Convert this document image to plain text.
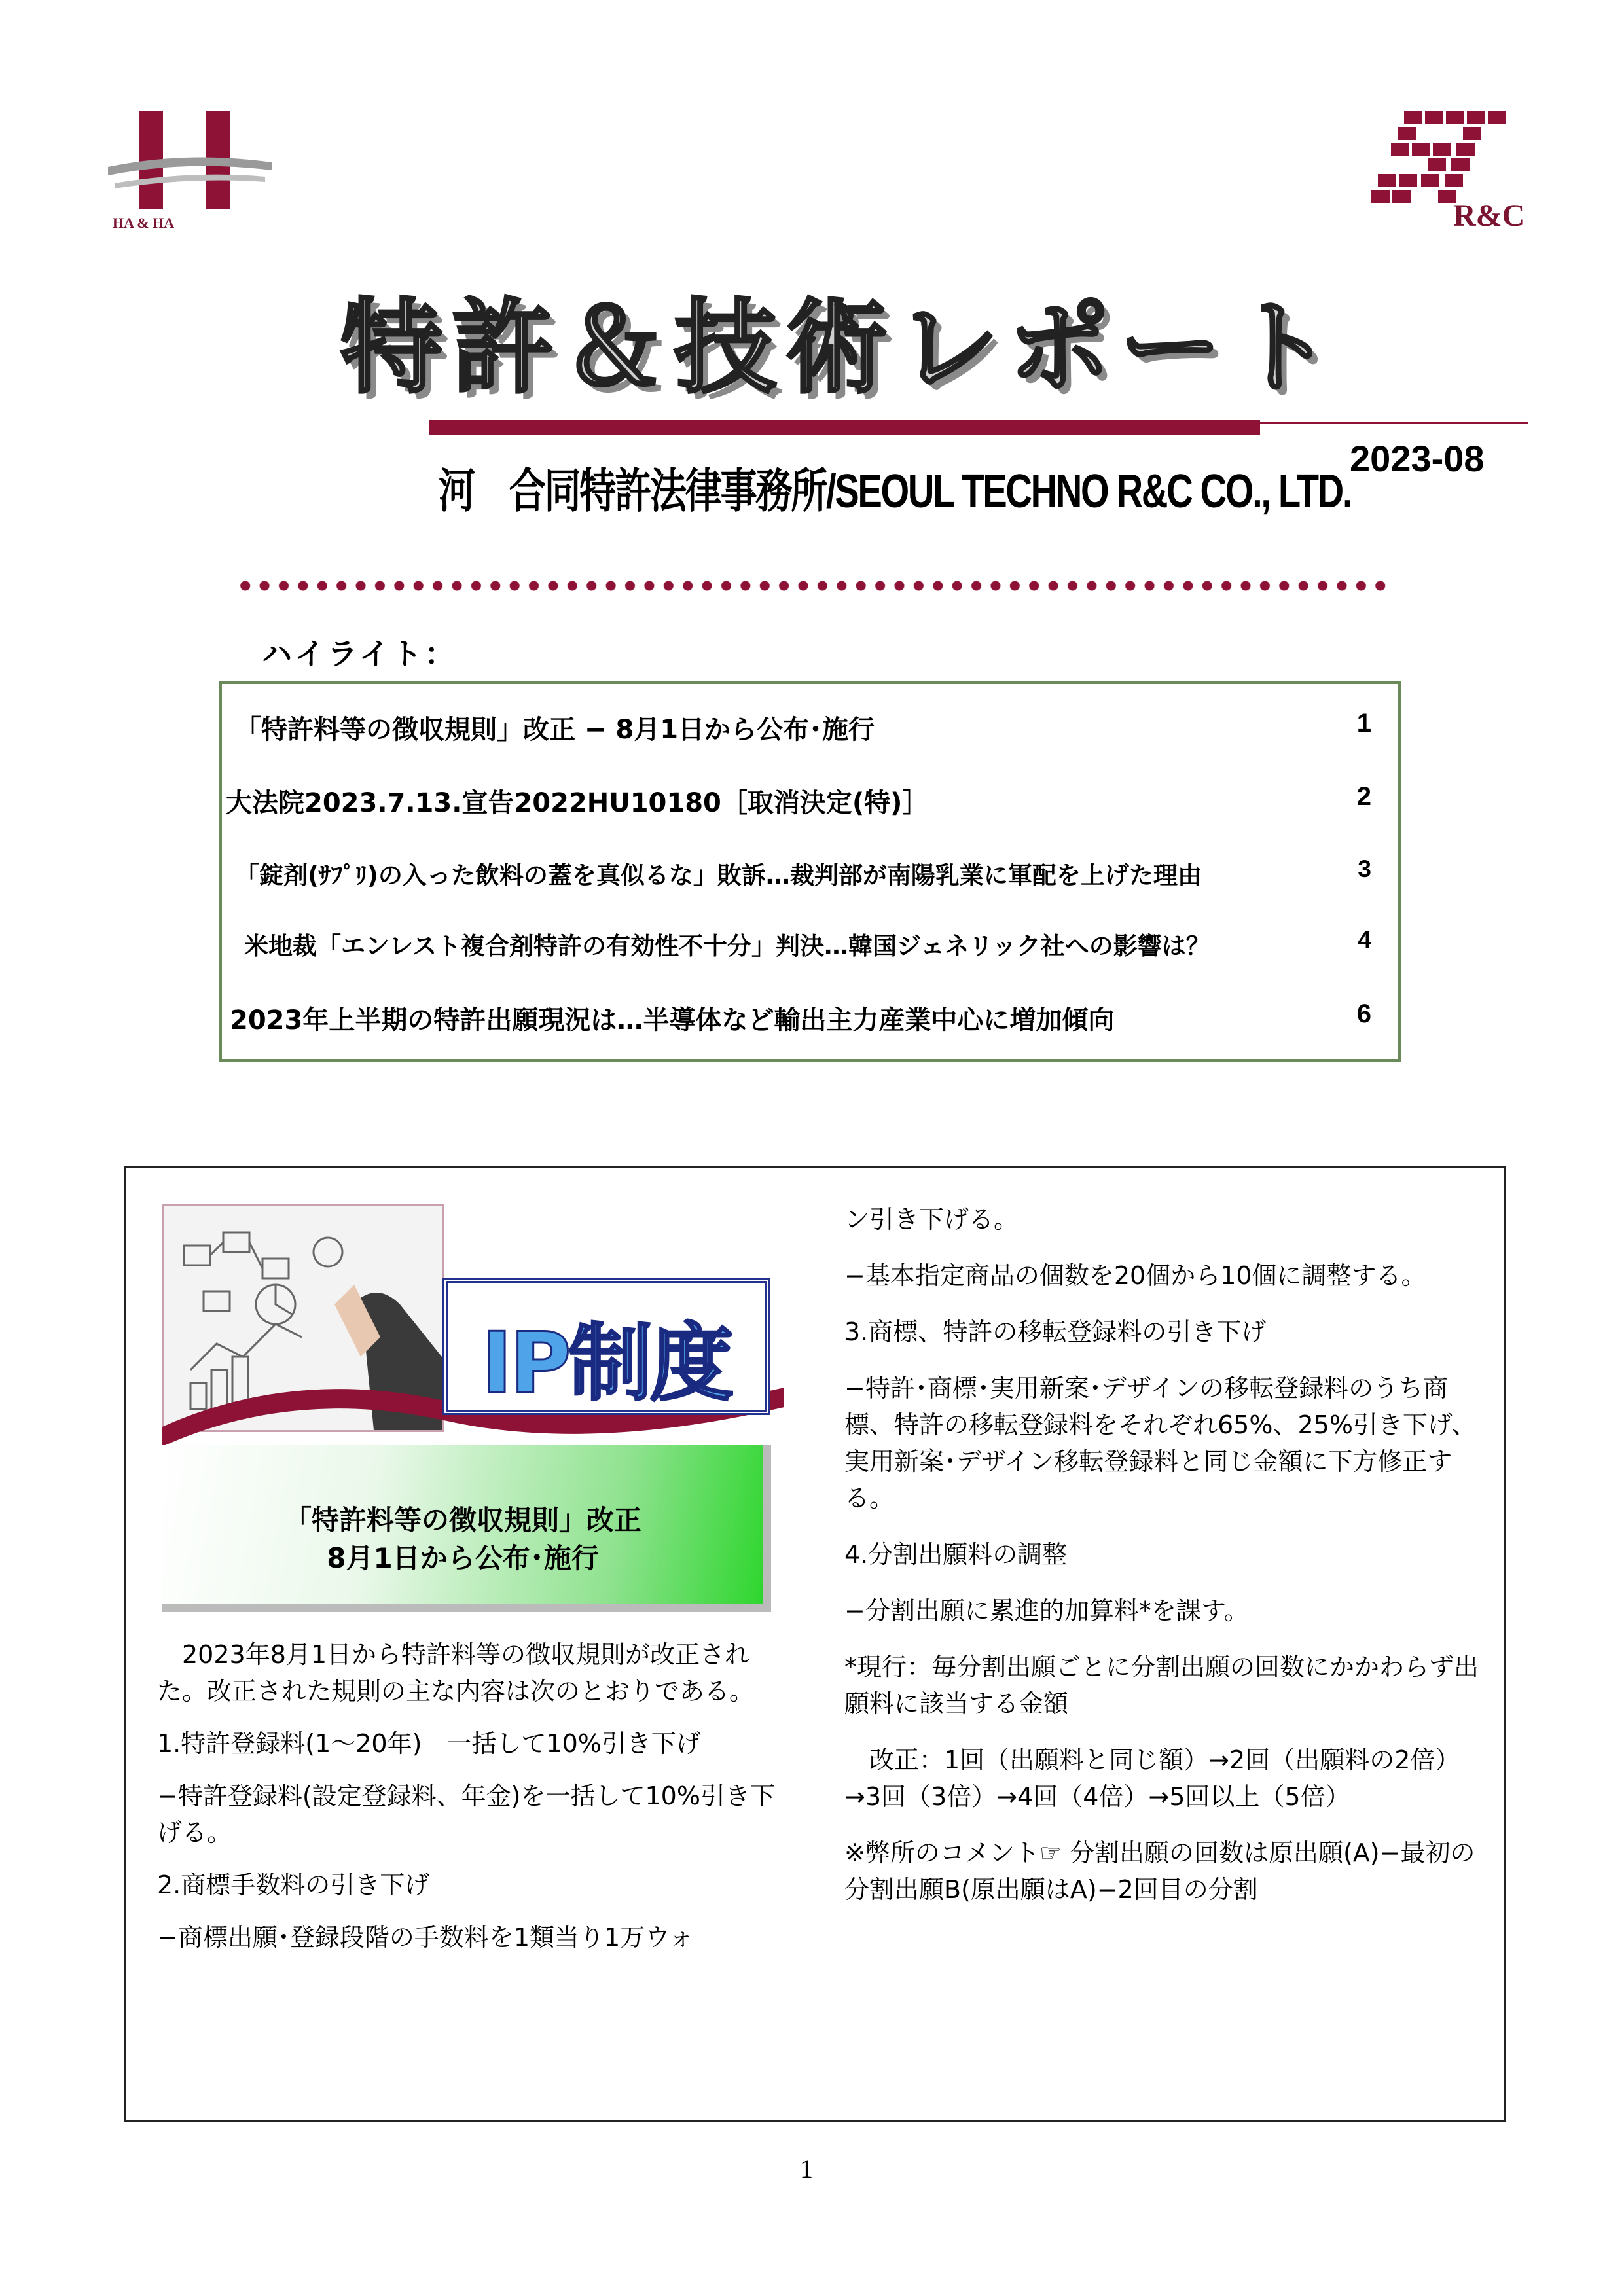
HA & HA	R&C
特許＆技術レポート
河　合同特許法律事務所/SEOUL TECHNO R&C CO., LTD.
2023-08
ハイライト：
「特許料等の徴収規則」改正 − 8月1日から公布･施行	1
大法院2023.7.13.宣告2022HU10180［取消決定(特)］	2
「錠剤(ｻﾌﾟﾘ)の入った飲料の蓋を真似るな」敗訴…裁判部が南陽乳業に軍配を上げた理由	3
米地裁「エンレスト複合剤特許の有効性不十分」判決…韓国ジェネリック社への影響は？	4
2023年上半期の特許出願現況は…半導体など輸出主力産業中心に増加傾向	6
IP制度
「特許料等の徴収規則」改正
8月1日から公布･施行

　2023年8月1日から特許料等の徴収規則が改正された。改正された規則の主な内容は次のとおりである。

1.特許登録料(1～20年)　一括して10%引き下げ

−特許登録料(設定登録料、年金)を一括して10%引き下げる。

2.商標手数料の引き下げ

−商標出願･登録段階の手数料を1類当り1万ウォ

ン引き下げる。

−基本指定商品の個数を20個から10個に調整する。

3.商標、特許の移転登録料の引き下げ

−特許･商標･実用新案･デザインの移転登録料のうち商標、特許の移転登録料をそれぞれ65%、25%引き下げ、実用新案･デザイン移転登録料と同じ金額に下方修正する。

4.分割出願料の調整

−分割出願に累進的加算料*を課す。

*現行：毎分割出願ごとに分割出願の回数にかかわらず出願料に該当する金額

　改正：1回（出願料と同じ額）→2回（出願料の2倍）→3回（3倍）→4回（4倍）→5回以上（5倍）

※弊所のコメント☞ 分割出願の回数は原出願(A)−最初の分割出願B(原出願はA)−2回目の分割

1
